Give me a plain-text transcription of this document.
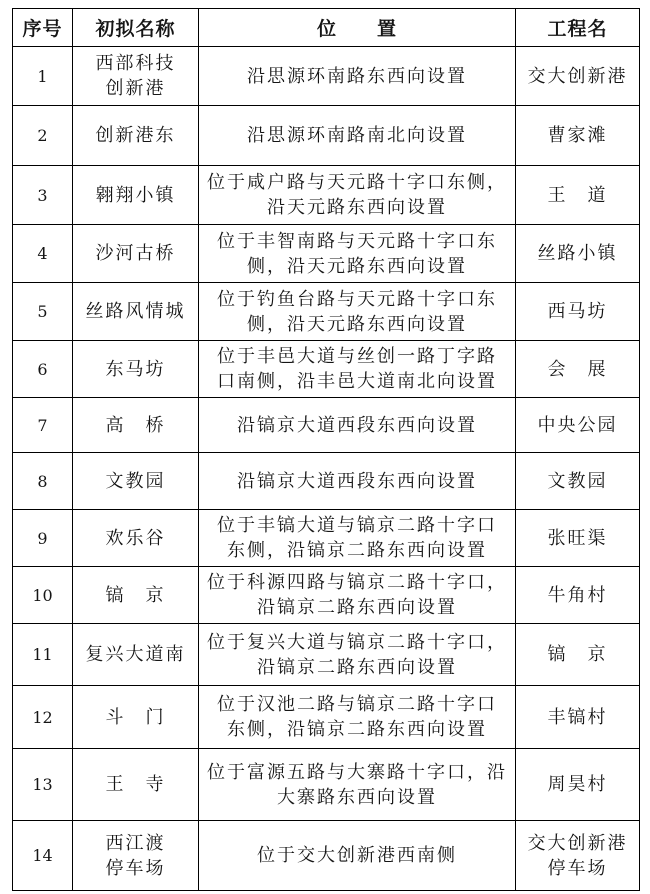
序号	初拟名称	位　　置	工程名
1	西部科技
创新港	沿思源环南路东西向设置	交大创新港

2	创新港东	沿思源环南路南北向设置	曹家滩

3	翱翔小镇	位于咸户路与天元路十字口东侧，
沿天元路东西向设置	王　道

4	沙河古桥	位于丰智南路与天元路十字口东
侧，沿天元路东西向设置	丝路小镇

5	丝路风情城	位于钓鱼台路与天元路十字口东
侧，沿天元路东西向设置	西马坊

6	东马坊	位于丰邑大道与丝创一路丁字路
口南侧，沿丰邑大道南北向设置	会　展

7	高　桥	沿镐京大道西段东西向设置	中央公园

8	文教园	沿镐京大道西段东西向设置	文教园

9	欢乐谷	位于丰镐大道与镐京二路十字口
东侧，沿镐京二路东西向设置	张旺渠

10	镐　京	位于科源四路与镐京二路十字口，
沿镐京二路东西向设置	牛角村

11	复兴大道南	位于复兴大道与镐京二路十字口，
沿镐京二路东西向设置	镐　京

12	斗　门	位于汉池二路与镐京二路十字口
东侧，沿镐京二路东西向设置	丰镐村

13	王　寺	位于富源五路与大寨路十字口，沿
大寨路东西向设置	周昊村

14	西江渡
停车场	位于交大创新港西南侧	交大创新港
停车场
